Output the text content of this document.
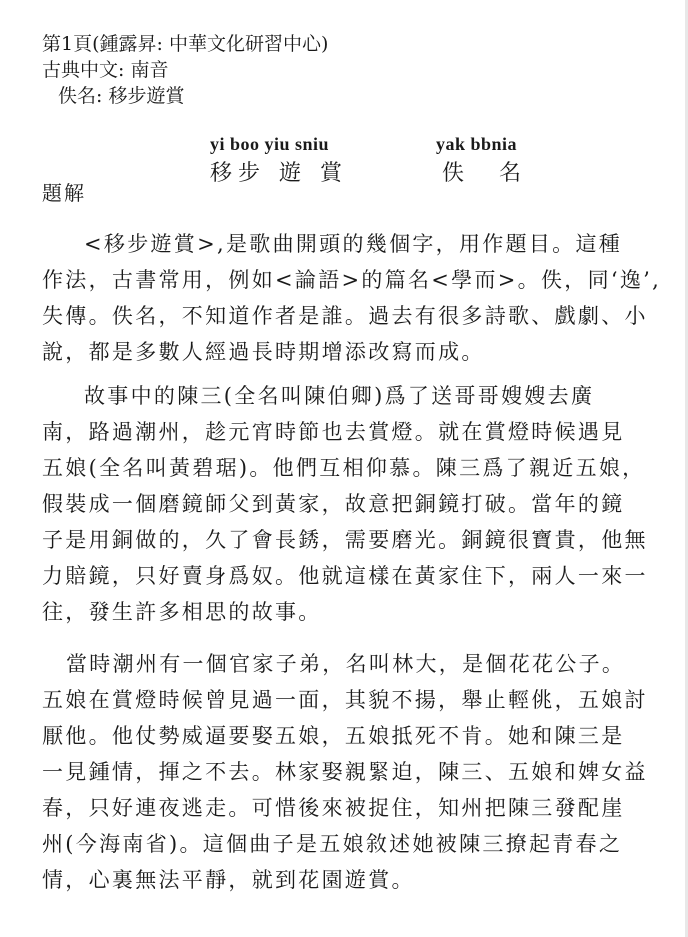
第1頁(鍾露昇: 中華文化研習中心)
古典中文: 南音
佚名: 移步遊賞
yi boo yiu sniu	yak bbnia
移步 遊 賞	佚 名
題解
<移步遊賞>,是歌曲開頭的幾個字，用作題目。這種
作法，古書常用，例如<論語>的篇名<學而>。佚，同‘逸’,
失傳。佚名，不知道作者是誰。過去有很多詩歌、戲劇、小
說，都是多數人經過長時期增添改寫而成。
故事中的陳三(全名叫陳伯卿)爲了送哥哥嫂嫂去廣
南，路過潮州，趁元宵時節也去賞燈。就在賞燈時候遇見
五娘(全名叫黃碧琚)。他們互相仰慕。陳三爲了親近五娘，
假裝成一個磨鏡師父到黃家，故意把銅鏡打破。當年的鏡
子是用銅做的，久了會長銹，需要磨光。銅鏡很寶貴，他無
力賠鏡，只好賣身爲奴。他就這樣在黃家住下，兩人一來一
往，發生許多相思的故事。
當時潮州有一個官家子弟，名叫林大，是個花花公子。
五娘在賞燈時候曾見過一面，其貌不揚，舉止輕佻，五娘討
厭他。他仗勢威逼要娶五娘，五娘抵死不肯。她和陳三是
一見鍾情，揮之不去。林家娶親緊迫，陳三、五娘和婢女益
春，只好連夜逃走。可惜後來被捉住，知州把陳三發配崖
州(今海南省)。這個曲子是五娘敘述她被陳三撩起青春之
情，心裏無法平靜，就到花園遊賞。
